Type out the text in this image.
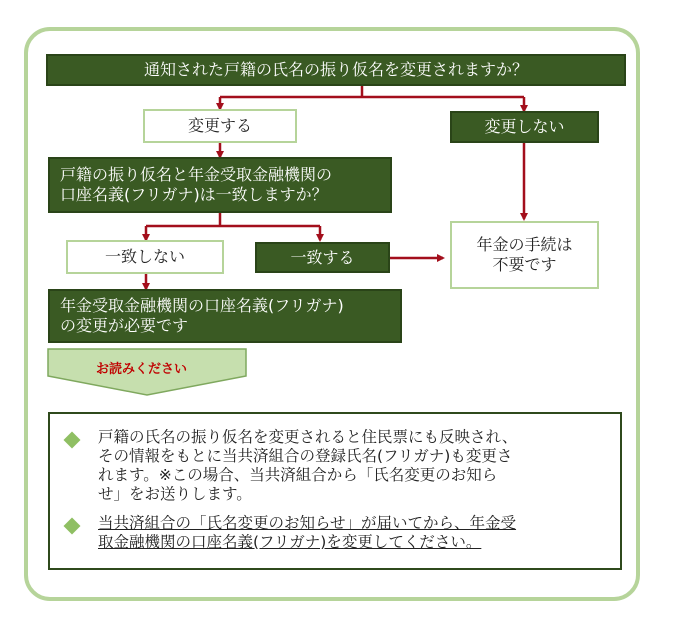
お読みください
通知された戸籍の氏名の振り仮名を変更されますか？
変更する	変更しない
戸籍の振り仮名と年金受取金融機関の
口座名義(フリガナ)は一致しますか？
一致しない	一致する
年金の手続は
不要です
年金受取金融機関の口座名義(フリガナ)
の変更が必要です
戸籍の氏名の振り仮名を変更されると住民票にも反映され、
その情報をもとに当共済組合の登録氏名(フリガナ)も変更さ
れます。※この場合、当共済組合から「氏名変更のお知ら
せ」をお送りします。
当共済組合の「氏名変更のお知らせ」が届いてから、年金受
取金融機関の口座名義(フリガナ)を変更してください。
